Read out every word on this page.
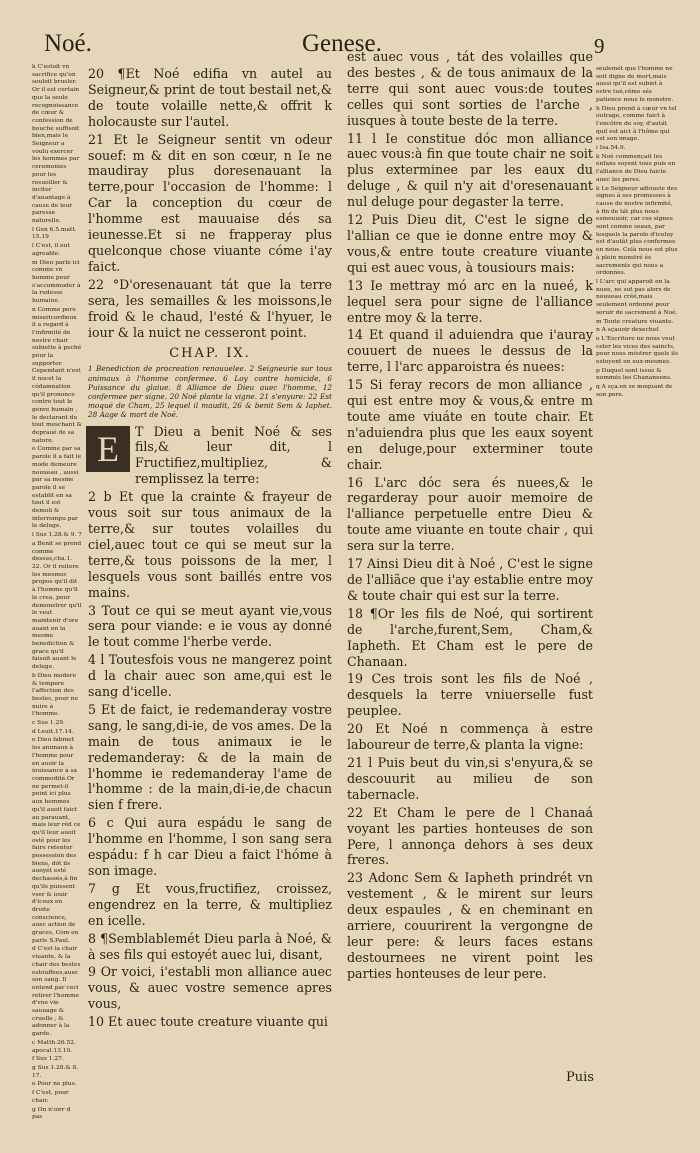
Noé.	Genese.	9

k C'estoit vn sacrifice qu'on souloit brusler. Or il est certain que la seule recognoissance de cœur & confession de bouche suffisoit bien,mais le Seigneur a voulu exercer les hommes par ceremonies pour les resueiller & inciter d'auantage à cause de leur paresse naturelle.

l Gen 6.5.matt. 15.19

l C'est, il eut agreable.

m Dieu parle ici comme vn homme pour s'accommoder à la rudesse humaine.

n Comme pere misericordieux il a regard à l'infirmité de nostre chair subiette à peché pour la supporter. Cependant n'est il nocet la códamnation qu'il prononce contre tout le genre humain , le declarant du tout meschant & depraué de sa nature.

o Comme par sa parole il a fait le mode demeure nouueau , aussi par sa mesme parole il se establit en sa tout il est demoli & interrompu par le deluge.

l Sus 1.28.& 9. 7

a Benit se prend comme dessus,cha.1. 22. Or il reitere les mesmes propos qu'il dit à l'homme qu'il le crea, pour demonstrer qu'il le veut maintenir d'ore auant en la mesme benediction & grace qu'il faisoit auant le deluge.

b Dieu modere & tempere l'affection des bestes, pour ne nuire à l'homme.

c Sus 1.29.

d Leuit.17.14.

e Dieu fabmet les animaux à l'homme pour en auoir la iouissance à sa commodité.Or ne permet-il point ici plus aux hommes qu'il auoit faict au parauant, mais leur réd ce qu'il leur auoit osté pour les faire retenter possession des biens, dót ils auoyét esté dechassés,à fin qu'ils puissent vser & iouir d'iceux en droite conscience, auec action de graces, Com en parle S.Paul.

d C'est la chair viuante, & la chair des bestes estouffees,auec son sang. Il entend par ceci retirer l'homme d'vne vie sauuage & cruelle , & adonner à la garde.

c Matth.26.52. apocal.13.10.

f Sus 1.27.

g Sus 1.28.& 8. 17.

e Pour ne plus.

f C'est, pour chair.

g On n'oirr d pas

20 ¶Et Noé edifia vn autel au Seigneur,& print de tout bestail net,& de toute volaille nette,& offrit k holocauste sur l'autel.

21 Et le Seigneur sentit vn odeur souef: m & dit en son cœur, n Ie ne maudiray plus doresenauant la terre,pour l'occasion de l'homme: l Car la conception du cœur de l'homme est mauuaise dés sa ieunesse.Et si ne frapperay plus quelconque chose viuante cóme i'ay faict.

22 °D'oresenauant tát que la terre sera, les semailles & les moissons,le froid & le chaud, l'esté & l'hyuer, le iour & la nuict ne cesseront point.

CHAP. IX.

1 Benediction de procreation renouuelee. 2 Seigneurie sur tous animaux à l'homme confermee. 6 Loy contre homicide, 6 Puissance du glaiue. 8 Alliance de Dieu auec l'homme, 12 confermee per signe. 20 Noé plante la vigne. 21 s'enyure: 22 Est moqué de Cham, 25 lequel il maudit, 26 & benit Sem & Iaphet. 28 Aage & mort de Noé.

E	T Dieu a benit Noé & ses fils,& leur dit, l Fructifiez,multipliez, & remplissez la terre:

2 b Et que la crainte & frayeur de vous soit sur tous animaux de la terre,& sur toutes volailles du ciel,auec tout ce qui se meut sur la terre,& tous poissons de la mer, l lesquels vous sont baillés entre vos mains.

3 Tout ce qui se meut ayant vie,vous sera pour viande: e ie vous ay donné le tout comme l'herbe verde.

4 l Toutesfois vous ne mangerez point d la chair auec son ame,qui est le sang d'icelle.

5 Et de faict, ie redemanderay vostre sang, le sang,di-ie, de vos ames. De la main de tous animaux ie le redemanderay: & de la main de l'homme ie redemanderay l'ame de l'homme : de la main,di-ie,de chacun sien f frere.

6 c Qui aura espádu le sang de l'homme en l'homme, l son sang sera espádu: f h car Dieu a faict l'hóme à son image.

7 g Et vous,fructifiez, croissez, engendrez en la terre, & multipliez en icelle.

8 ¶Semblablemét Dieu parla à Noé, & à ses fils qui estoyét auec lui, disant,

9 Or voici, i'establi mon alliance auec vous, & auec vostre semence apres vous,

10 Et auec toute creature viuante qui

est auec vous , tát des volailles que des bestes , & de tous animaux de la terre qui sont auec vous:de toutes celles qui sont sorties de l'arche , iusques à toute beste de la terre.

11 l Ie constitue dóc mon alliance auec vous:à fin que toute chair ne soit plus exterminee par les eaux du deluge , & quil n'y ait d'oresenauant nul deluge pour degaster la terre.

12 Puis Dieu dit, C'est le signe de l'allian ce que ie donne entre moy & vous,& entre toute creature viuante qui est auec vous, à tousiours mais:

13 Ie mettray mó arc en la nueé, k lequel sera pour signe de l'alliance entre moy & la terre.

14 Et quand il aduiendra que i'auray couuert de nuees le dessus de la terre, l l'arc apparoistra és nuees:

15 Si feray recors de mon alliance , qui est entre moy & vous,& entre m toute ame viuáte en toute chair. Et n'aduiendra plus que les eaux soyent en deluge,pour exterminer toute chair.

16 L'arc dóc sera és nuees,& le regarderay pour auoir memoire de l'alliance perpetuelle entre Dieu & toute ame viuante en toute chair , qui sera sur la terre.

17 Ainsi Dieu dit à Noé , C'est le signe de l'alliãce que i'ay establie entre moy & toute chair qui est sur la terre.

18 ¶Or les fils de Noé, qui sortirent de l'arche,furent,Sem, Cham,& Iapheth. Et Cham est le pere de Chanaan.

19 Ces trois sont les fils de Noé , desquels la terre vniuerselle fust peuplee.

20 Et Noé n commença à estre laboureur de terre,& planta la vigne:

21 l Puis beut du vin,si s'enyura,& se descouurit au milieu de son tabernacle.

22 Et Cham le pere de l Chanaá voyant les parties honteuses de son Pere, l annonça dehors à ses deux freres.

23 Adonc Sem & Iapheth prindrét vn vestement , & le mirent sur leurs deux espaules , & en cheminant en arriere, couurirent la vergongne de leur pere: & leurs faces estans destournees ne virent point les parties honteuses de leur pere.

seulemét que l'homme ne soit digne de mort,mais aussi qu'il est subiet à estre tué,cóme sés patience nous le monstre.

h Dieu prend à cœur vn tel outrage, comme faict à l'encôtre de soy, d'autát quil est aict à l'hôme qui est son image.

i Isa.54.9.

k Noé commençait les enfans soyent tous puis en l'alliance de Dieu faicte auec les peres.

k Le Seigneur adiouste des signes à ses promesses à cause de nostre infirmité, à fin de tát plus nous esmouuoir, car ces signes sont comme seaux, par lesquels la parole d'iceluy est d'autât plus confermee en nous. Celà nous est plus à plein monstré és sacrements qui nous a ordonnes.

l L'arc qui apparoit en la nuee, ne sut pas alors de nouueau créé,mais seulement ordonné pour seruir de sacrement à Noé.

m Toute creature viuante.

n A sçauoir dexechef.

o L'Escriture ne nous veut celer les vices des saincts, pour nous móstrer quels ils estoyent en eux-mesmes.

p Duquel sont issus & nommés les Chananeens.

q A sça.en se moquant de son pere.

Puis
